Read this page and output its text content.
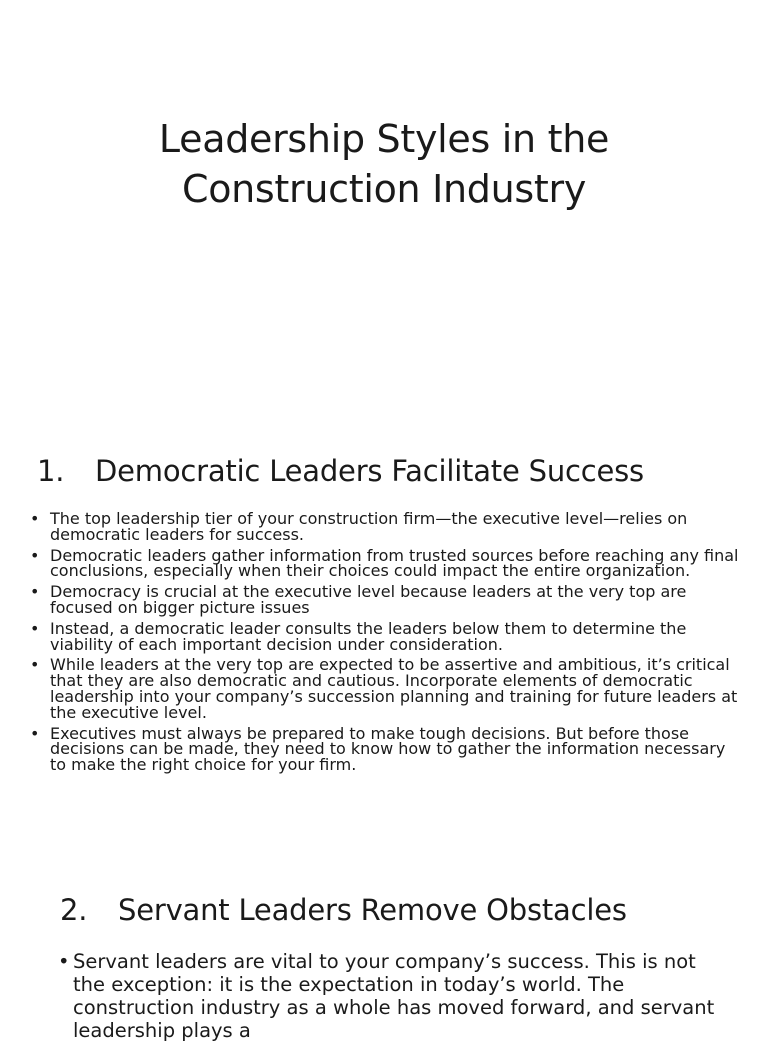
Leadership Styles in the
Construction Industry
1. Democratic Leaders Facilitate Success
• The top leadership tier of your construction firm—the executive level—relies on democratic leaders for success.
• Democratic leaders gather information from trusted sources before reaching any final conclusions, especially when their choices could impact the entire organization.
• Democracy is crucial at the executive level because leaders at the very top are focused on bigger picture issues
• Instead, a democratic leader consults the leaders below them to determine the viability of each important decision under consideration.
• While leaders at the very top are expected to be assertive and ambitious, it’s critical that they are also democratic and cautious. Incorporate elements of democratic leadership into your company’s succession planning and training for future leaders at the executive level.
• Executives must always be prepared to make tough decisions. But before those decisions can be made, they need to know how to gather the information necessary to make the right choice for your firm.
2. Servant Leaders Remove Obstacles
• Servant leaders are vital to your company’s success. This is not the exception: it is the expectation in today’s world. The construction industry as a whole has moved forward, and servant leadership plays a
